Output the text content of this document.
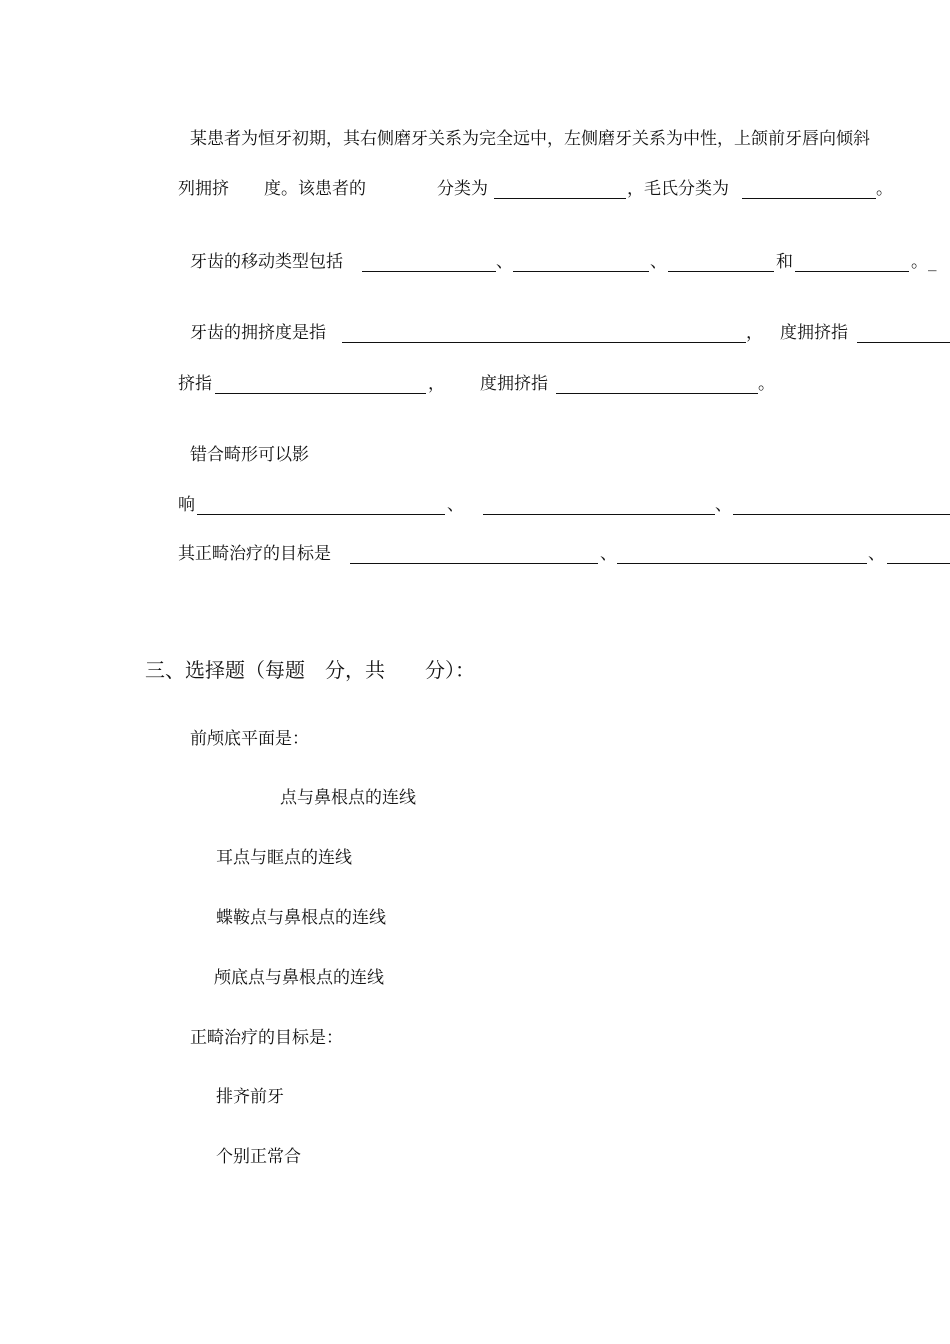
某患者为恒牙初期，其右侧磨牙关系为完全远中，左侧磨牙关系为中性，上颌前牙唇向倾斜
列拥挤 度。该患者的	分类为	，毛氏分类为	。
牙齿的移动类型包括	、	、	和	。_
牙齿的拥挤度是指	， 度拥挤指
挤指	， 度拥挤指	。
错合畸形可以影
响	、	、
其正畸治疗的目标是	、	、
三、选择题（每题　分，共　　分）：
前颅底平面是：
点与鼻根点的连线
耳点与眶点的连线
蝶鞍点与鼻根点的连线
颅底点与鼻根点的连线
正畸治疗的目标是：
排齐前牙
个别正常合
